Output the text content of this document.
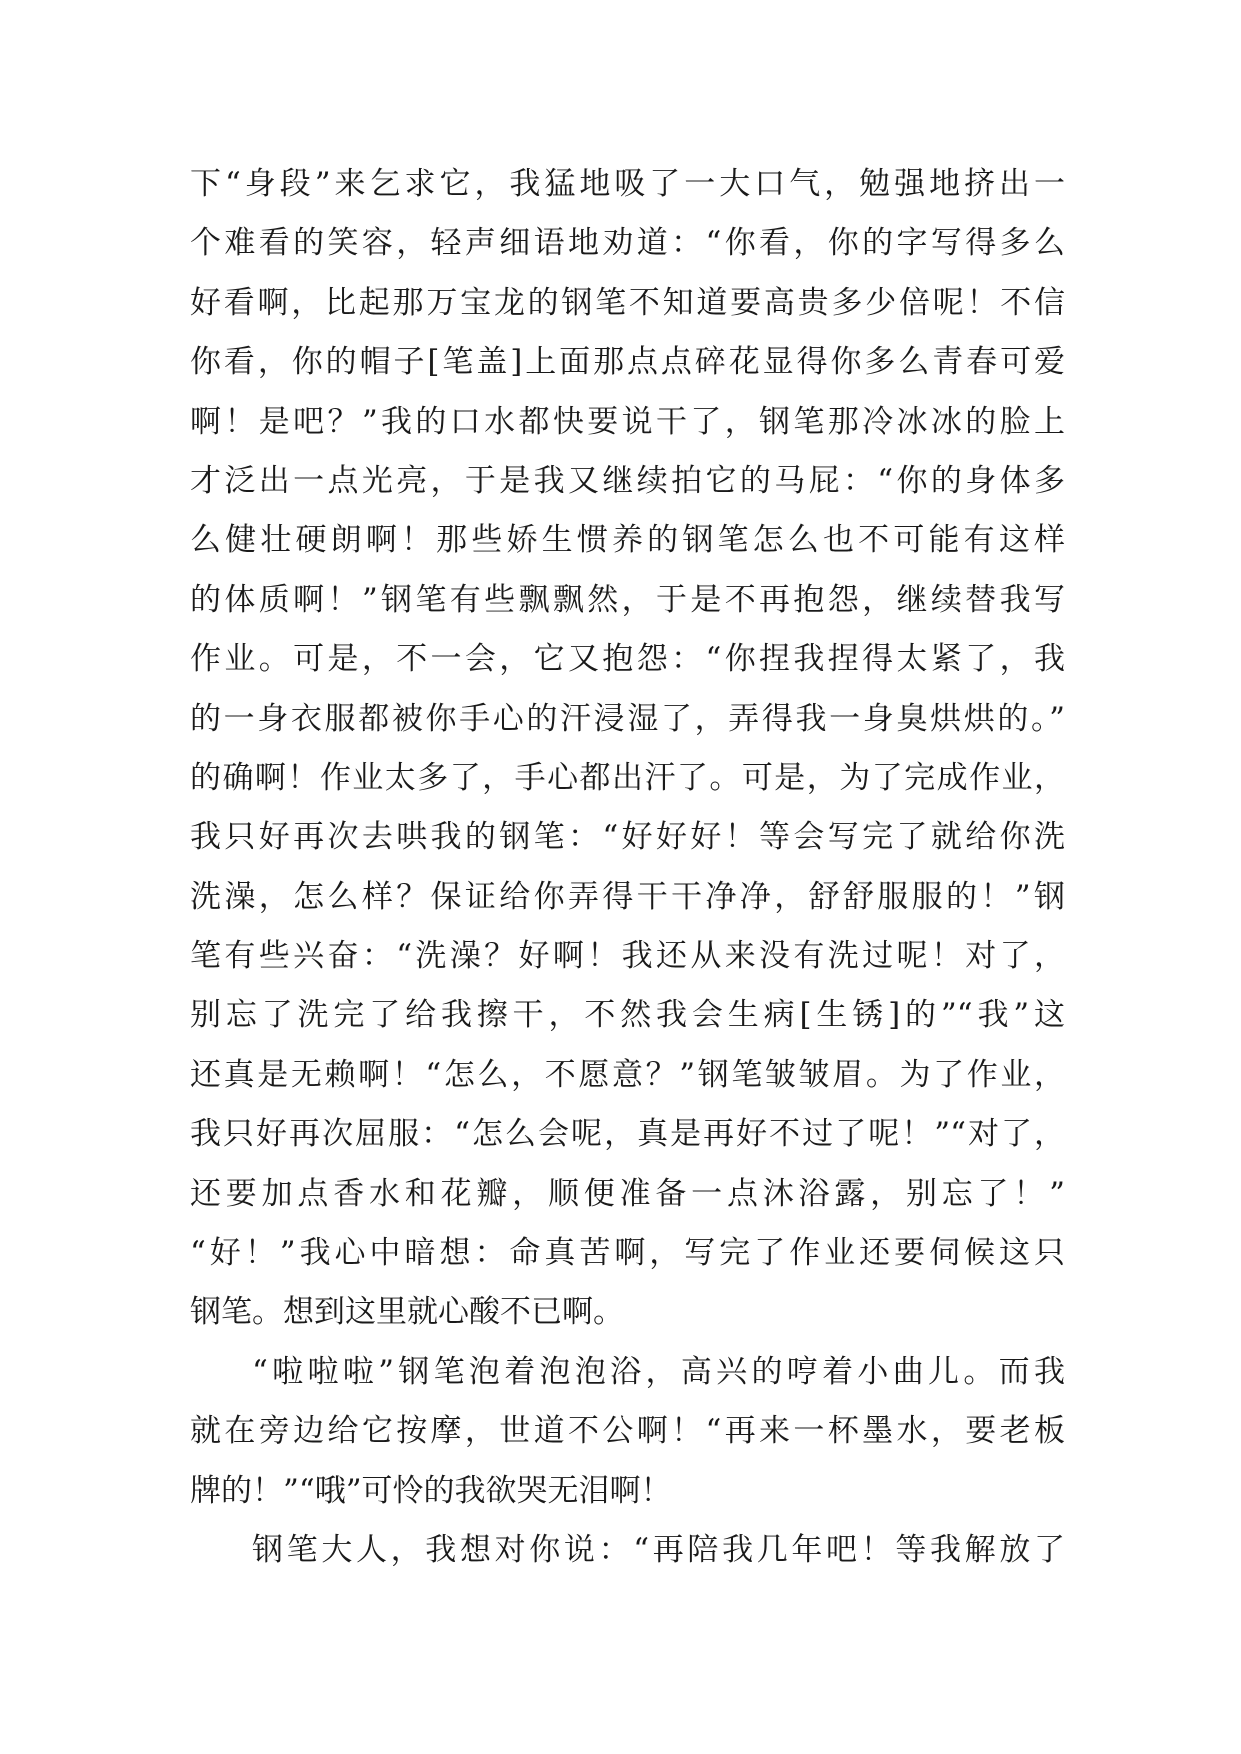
下“身段”来乞求它，我猛地吸了一大口气，勉强地挤出一
个难看的笑容，轻声细语地劝道：“你看，你的字写得多么
好看啊，比起那万宝龙的钢笔不知道要高贵多少倍呢！不信
你看，你的帽子[笔盖]上面那点点碎花显得你多么青春可爱
啊！是吧？”我的口水都快要说干了，钢笔那冷冰冰的脸上
才泛出一点光亮，于是我又继续拍它的马屁：“你的身体多
么健壮硬朗啊！那些娇生惯养的钢笔怎么也不可能有这样
的体质啊！”钢笔有些飘飘然，于是不再抱怨，继续替我写
作业。可是，不一会，它又抱怨：“你捏我捏得太紧了，我
的一身衣服都被你手心的汗浸湿了，弄得我一身臭烘烘的。”
的确啊！作业太多了，手心都出汗了。可是，为了完成作业，
我只好再次去哄我的钢笔：“好好好！等会写完了就给你洗
洗澡，怎么样？保证给你弄得干干净净，舒舒服服的！”钢
笔有些兴奋：“洗澡？好啊！我还从来没有洗过呢！对了，
别忘了洗完了给我擦干，不然我会生病[生锈]的”“我”这
还真是无赖啊！“怎么，不愿意？”钢笔皱皱眉。为了作业，
我只好再次屈服：“怎么会呢，真是再好不过了呢！”“对了，
还要加点香水和花瓣，顺便准备一点沐浴露，别忘了！”
“好！”我心中暗想：命真苦啊，写完了作业还要伺候这只
钢笔。想到这里就心酸不已啊。
“啦啦啦”钢笔泡着泡泡浴，高兴的哼着小曲儿。而我
就在旁边给它按摩，世道不公啊！“再来一杯墨水，要老板
牌的！”“哦”可怜的我欲哭无泪啊！
钢笔大人，我想对你说：“再陪我几年吧！等我解放了
